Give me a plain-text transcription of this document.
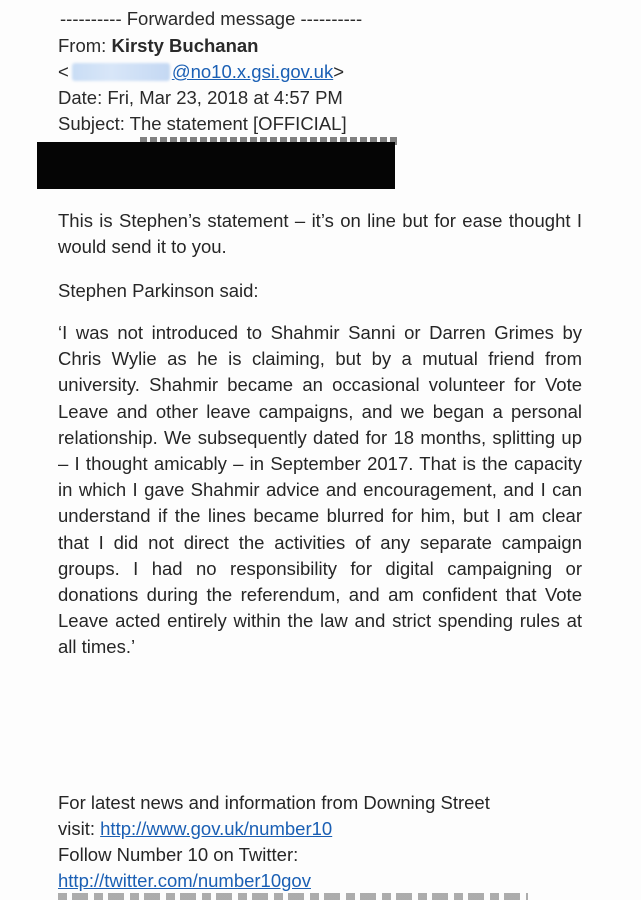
---------- Forwarded message ----------
From: Kirsty Buchanan
<	@no10.x.gsi.gov.uk>
Date: Fri, Mar 23, 2018 at 4:57 PM
Subject: The statement [OFFICIAL]
This is Stephen’s statement – it’s on line but for ease thought I would send it to you.
Stephen Parkinson said:
‘I was not introduced to Shahmir Sanni or Darren Grimes by Chris Wylie as he is claiming, but by a mutual friend from university. Shahmir became an occasional volunteer for Vote Leave and other leave campaigns, and we began a personal relationship. We subsequently dated for 18 months, splitting up – I thought amicably – in September 2017. That is the capacity in which I gave Shahmir advice and encouragement, and I can understand if the lines became blurred for him, but I am clear that I did not direct the activities of any separate campaign groups. I had no responsibility for digital campaigning or donations during the referendum, and am confident that Vote Leave acted entirely within the law and strict spending rules at all times.’
For latest news and information from Downing Street
visit: http://www.gov.uk/number10
Follow Number 10 on Twitter:
http://twitter.com/number10gov
